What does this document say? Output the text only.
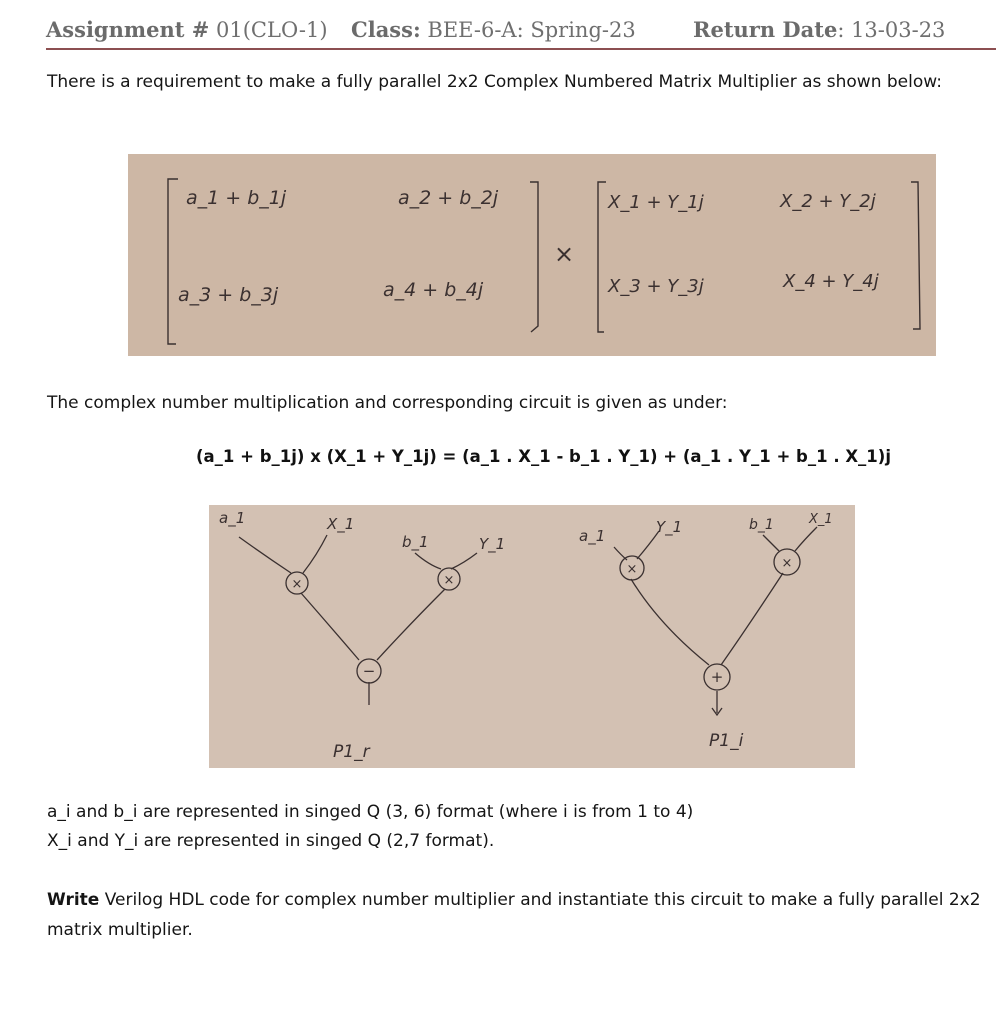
Assignment # 01(CLO-1) Class: BEE-6-A: Spring-23	Return Date: 13-03-23
There is a requirement to make a fully parallel 2x2 Complex Numbered Matrix Multiplier as shown below:
a_1 + b_1j	a_2 + b_2j
a_3 + b_3j	a_4 + b_4j
×
X_1 + Y_1j	X_2 + Y_2j
X_3 + Y_3j	X_4 + Y_4j
The complex number multiplication and corresponding circuit is given as under:
(a_1 + b_1j) x (X_1 + Y_1j) = (a_1 . X_1 - b_1 . Y_1) + (a_1 . Y_1 + b_1 . X_1)j
a_1	X_1
b_1	Y_1	a_1	Y_1	b_1	X_1
×	×
×	×
−	+
P1_r
P1_i
a_i and b_i are represented in singed Q (3, 6) format (where i is from 1 to 4)
X_i and Y_i are represented in singed Q (2,7 format).
Write Verilog HDL code for complex number multiplier and instantiate this circuit to make a fully parallel 2x2
matrix multiplier.
